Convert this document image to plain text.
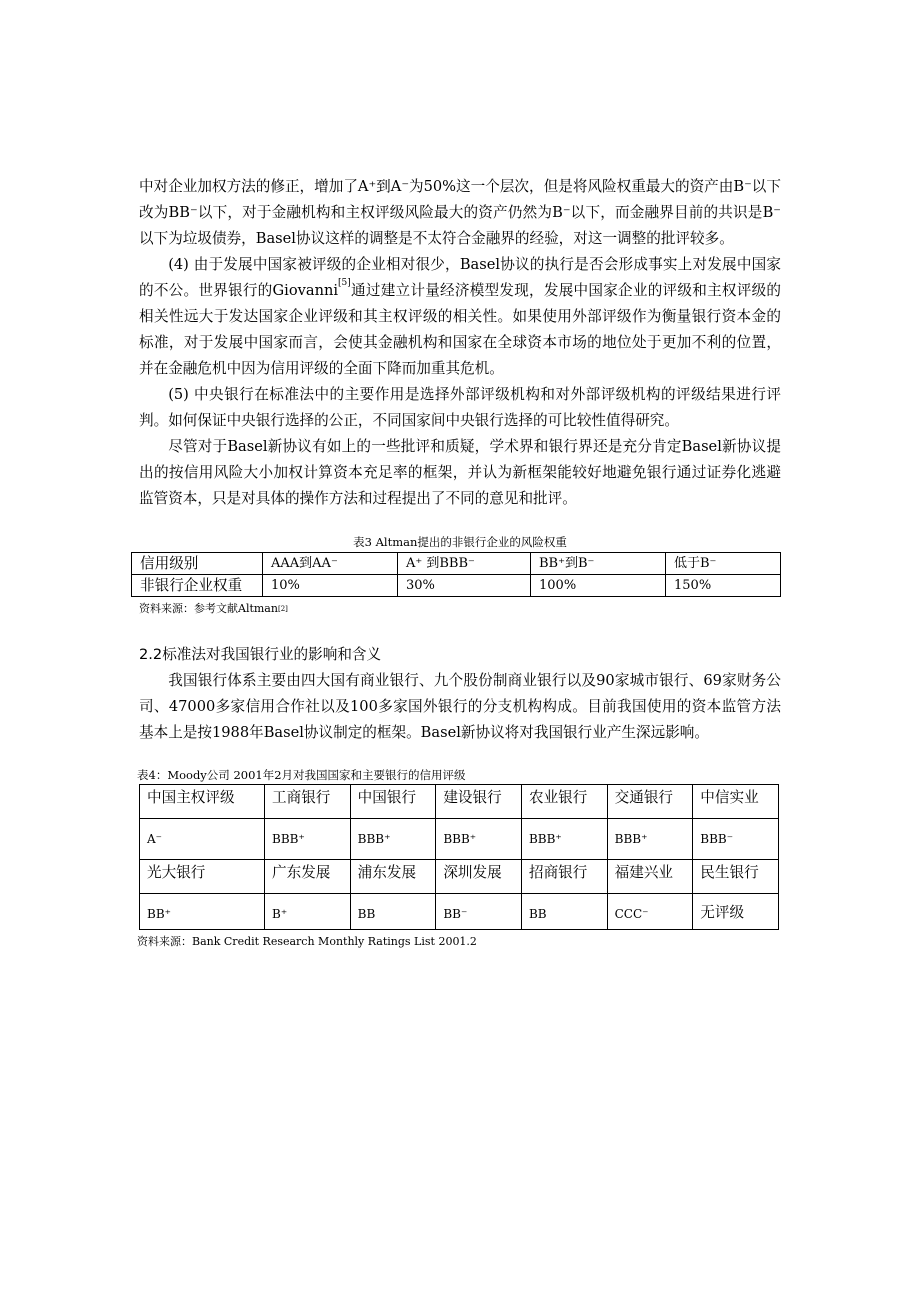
中对企业加权方法的修正，增加了A⁺到A⁻为50%这一个层次，但是将风险权重最大的资产由B⁻以下改为BB⁻以下，对于金融机构和主权评级风险最大的资产仍然为B⁻以下，而金融界目前的共识是B⁻以下为垃圾债券，Basel协议这样的调整是不太符合金融界的经验，对这一调整的批评较多。

(4) 由于发展中国家被评级的企业相对很少，Basel协议的执行是否会形成事实上对发展中国家的不公。世界银行的Giovanni[5]通过建立计量经济模型发现，发展中国家企业的评级和主权评级的相关性远大于发达国家企业评级和其主权评级的相关性。如果使用外部评级作为衡量银行资本金的标准，对于发展中国家而言，会使其金融机构和国家在全球资本市场的地位处于更加不利的位置，并在金融危机中因为信用评级的全面下降而加重其危机。

(5) 中央银行在标准法中的主要作用是选择外部评级机构和对外部评级机构的评级结果进行评判。如何保证中央银行选择的公正，不同国家间中央银行选择的可比较性值得研究。

尽管对于Basel新协议有如上的一些批评和质疑，学术界和银行界还是充分肯定Basel新协议提出的按信用风险大小加权计算资本充足率的框架，并认为新框架能较好地避免银行通过证券化逃避监管资本，只是对具体的操作方法和过程提出了不同的意见和批评。

表3 Altman提出的非银行企业的风险权重
信用级别	AAA到AA⁻	A⁺ 到BBB⁻	BB⁺到B⁻	低于B⁻
非银行企业权重	10%	30%	100%	150%
资料来源：参考文献Altman[2]
2.2标准法对我国银行业的影响和含义

我国银行体系主要由四大国有商业银行、九个股份制商业银行以及90家城市银行、69家财务公司、47000多家信用合作社以及100多家国外银行的分支机构构成。目前我国使用的资本监管方法基本上是按1988年Basel协议制定的框架。Basel新协议将对我国银行业产生深远影响。

表4：Moody公司 2001年2月对我国国家和主要银行的信用评级
中国主权评级	工商银行	中国银行	建设银行	农业银行	交通银行	中信实业
A⁻	BBB⁺	BBB⁺	BBB⁺	BBB⁺	BBB⁺	BBB⁻
光大银行	广东发展	浦东发展	深圳发展	招商银行	福建兴业	民生银行
BB⁺	B⁺	BB	BB⁻	BB	CCC⁻	无评级
资料来源：Bank Credit Research Monthly Ratings List 2001.2
